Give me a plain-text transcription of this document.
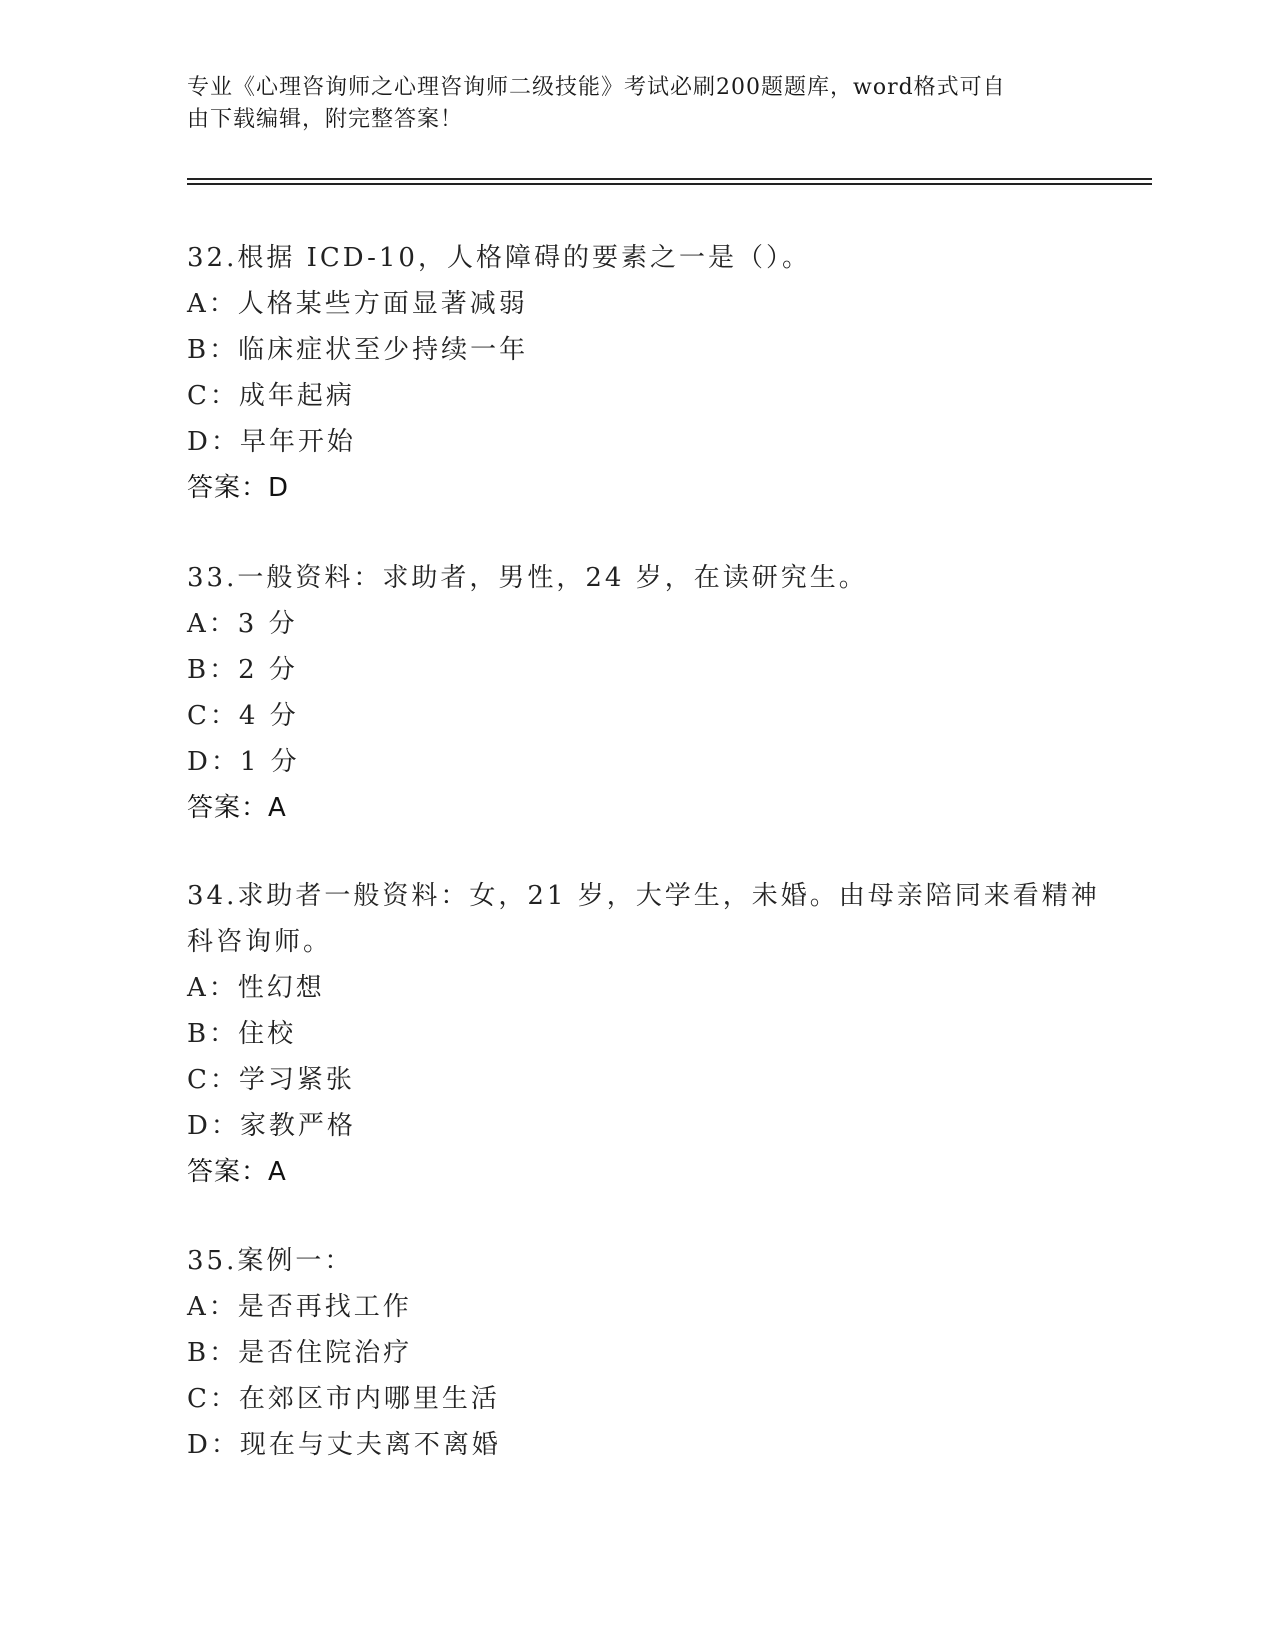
专业《心理咨询师之心理咨询师二级技能》考试必刷200题题库，word格式可自
由下载编辑，附完整答案！
32.根据 ICD-10，人格障碍的要素之一是（）。
A：人格某些方面显著减弱
B：临床症状至少持续一年
C：成年起病
D：早年开始
答案：D
33.一般资料：求助者，男性，24 岁，在读研究生。
A：3 分
B：2 分
C：4 分
D：1 分
答案：A
34.求助者一般资料：女，21 岁，大学生，未婚。由母亲陪同来看精神
科咨询师。
A：性幻想
B：住校
C：学习紧张
D：家教严格
答案：A
35.案例一：
A：是否再找工作
B：是否住院治疗
C：在郊区市内哪里生活
D：现在与丈夫离不离婚
